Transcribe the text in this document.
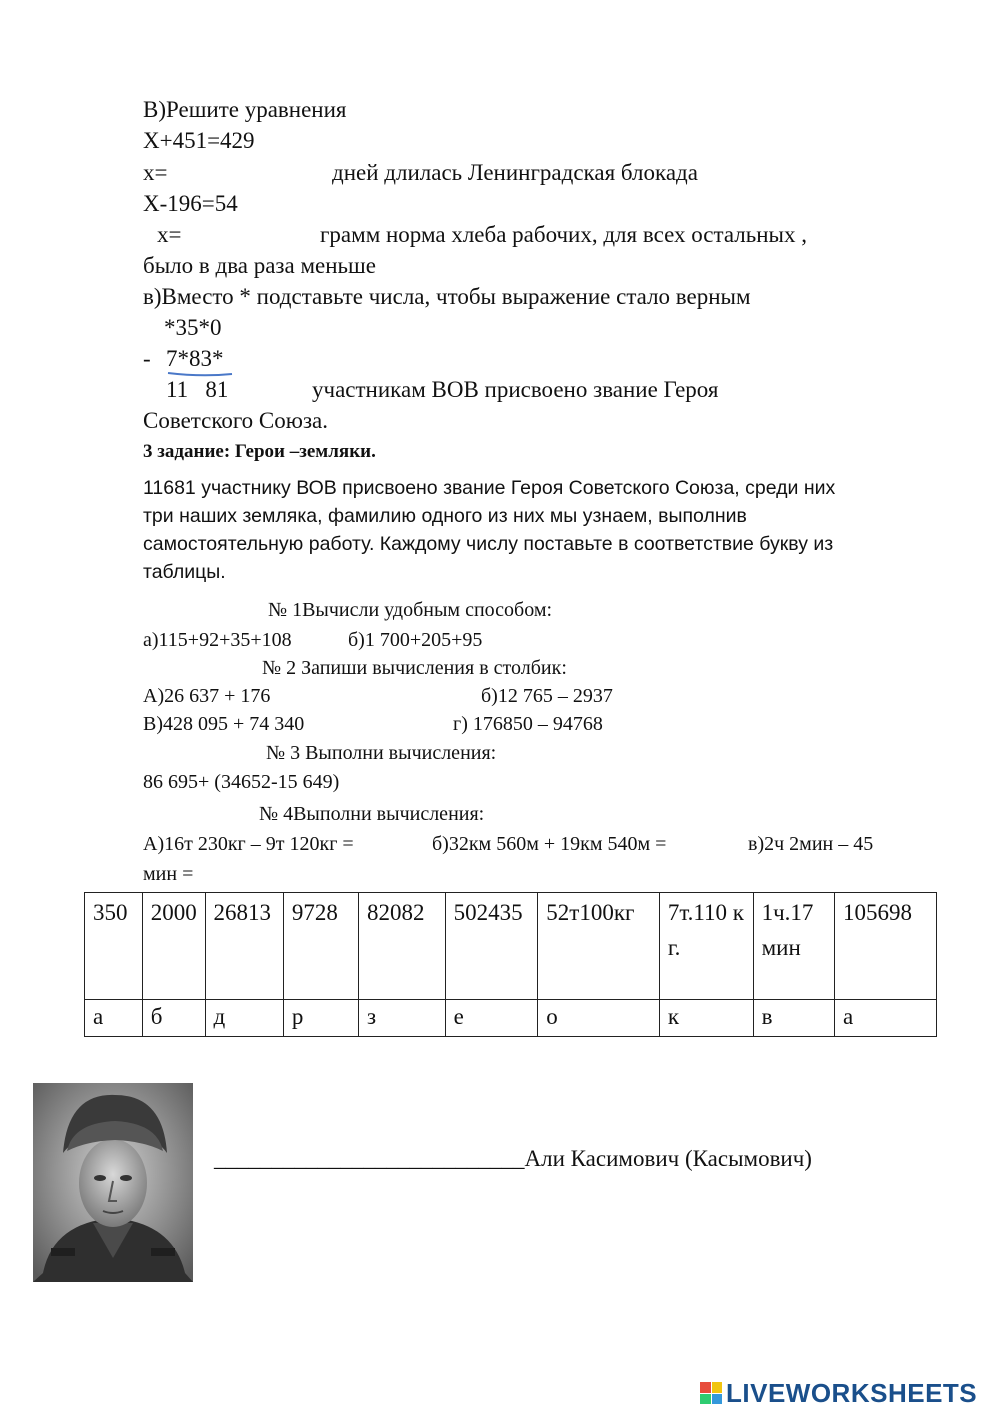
В)Решите уравнения
Х+451=429
х=	дней длилась Ленинградская блокада
Х-196=54
х=	грамм норма хлеба рабочих, для всех остальных ,
было в два раза меньше
в)Вместо * подставьте числа, чтобы выражение стало верным
*35*0
- 7*83*
11   81	участникам ВОВ присвоено звание Героя
Советского Союза.
3 задание: Герои –земляки.
11681 участнику ВОВ присвоено звание Героя Советского Союза, среди них
три наших земляка, фамилию одного из них мы узнаем, выполнив
самостоятельную работу. Каждому числу поставьте в соответствие букву из
таблицы.
№ 1Вычисли удобным способом:
а)115+92+35+108	б)1 700+205+95
№ 2 Запиши вычисления в столбик:
А)26 637 + 176	б)12 765 – 2937
В)428 095 + 74 340	г) 176850 – 94768
№ 3 Выполни вычисления:
86 695+ (34652-15 649)
№ 4Выполни вычисления:
А)16т 230кг – 9т 120кг =	б)32км 560м + 19км 540м =	в)2ч 2мин – 45
мин =
350	2000	26813	9728	82082	502435	52т100кг	7т.110 кг.	1ч.17 мин	105698
а	б	д	р	з	е	о	к	в	а
___________________________Али Касимович (Касымович)
LIVEWORKSHEETS
